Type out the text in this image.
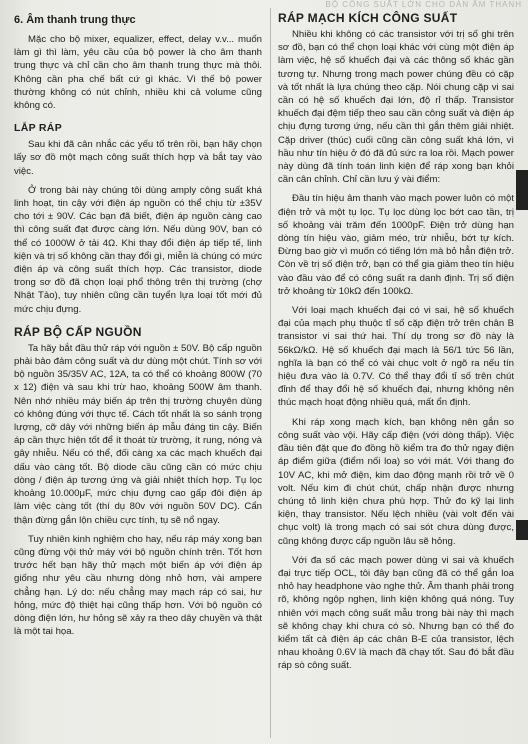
6. Âm thanh trung thực

Mặc cho bộ mixer, equalizer, effect, delay v.v... muốn làm gì thì làm, yêu cầu của bộ power là cho âm thanh trung thực và chỉ cần cho âm thanh trung thực mà thôi. Không cần pha chế bất cứ gì khác. Vì thế bộ power thường không có nút chỉnh, nhiều khi cả volume cũng không có.

LẮP RÁP

Sau khi đã cân nhắc các yếu tố trên rồi, bạn hãy chọn lấy sơ đồ một mạch công suất thích hợp và bắt tay vào việc.

Ở trong bài này chúng tôi dùng amply công suất khá linh hoạt, tin cậy với điện áp nguồn có thể chịu từ ±35V cho tới ± 90V. Các bạn đã biết, điện áp nguồn càng cao thì công suất đạt được càng lớn. Nếu dùng 90V, bạn có thể có 1000W ở tải 4Ω. Khi thay đổi điện áp tiếp tế, linh kiện và trị số không cần thay đổi gì, miễn là chúng có mức điện áp và công suất thích hợp. Các transistor, diode trong sơ đồ đã chọn loại phổ thông trên thị trường (chợ Nhật Tảo), tuy nhiên cũng cần tuyển lựa loại tốt mới đủ mức chịu đựng.

RÁP BỘ CẤP NGUỒN

Ta hãy bắt đầu thử ráp với nguồn ± 50V. Bộ cấp nguồn phải bảo đảm công suất và dư dùng một chút. Tính sơ với bộ nguồn 35/35V AC, 12A, ta có thể có khoảng 800W (70 x 12) điện và sau khi trừ hao, khoảng 500W âm thanh. Nên nhớ nhiều máy biến áp trên thị trường chuyên dùng có không đúng với thực tế. Cách tốt nhất là so sánh trọng lượng, cỡ dây với những biến áp mẫu đáng tin cậy. Biến áp cần thực hiện tốt để ít thoát từ trường, ít rung, nóng và gây nhiễu. Nếu có thể, đối càng xa các mạch khuếch đại dấu vào càng tốt. Bộ diode cầu cũng cần có mức chịu dòng / điện áp tương ứng và giải nhiệt thích hợp. Tụ lọc khoảng 10.000μF, mức chịu đựng cao gấp đôi điện áp làm việc càng tốt (thí dụ 80v với nguồn 50V DC). Cẩn thận đừng gắn lộn chiều cực tính, tụ sẽ nổ ngay.

Tuy nhiên kinh nghiệm cho hay, nếu ráp máy xong bạn cũng đừng vội thử máy với bộ nguồn chính trên. Tốt hơn trước hết bạn hãy thử mạch một biến áp với điện áp giống như yêu cầu nhưng dòng nhỏ hơn, vài ampere chẳng hạn. Lý do: nếu chẳng may mạch ráp có sai, hư hỏng, mức độ thiệt hại cũng thấp hơn. Với bộ nguồn có dòng điện lớn, hư hỏng sẽ xảy ra theo dây chuyền và thật là một tai họa.

BỘ CÔNG SUẤT LỚN CHO DÀN ÂM THANH
RÁP MẠCH KÍCH CÔNG SUẤT

Nhiều khi không có các transistor với trị số ghi trên sơ đồ, bạn có thể chọn loại khác với cùng một điện áp làm việc, hệ số khuếch đại và các thông số khác gần tương tự. Nhưng trong mạch power chúng đều có cặp và tốt nhất là lựa chúng theo cặp. Nói chung cặp vi sai cần có hệ số khuếch đại lớn, độ rỉ thấp. Transistor khuếch đại đệm tiếp theo sau cần công suất và điện áp chịu đựng tương ứng, nếu cần thì gắn thêm giải nhiệt. Cặp driver (thúc) cuối cũng cần công suất khá lớn, vì hầu như tín hiệu ở đó đã đủ sức ra loa rồi. Mạch power này dùng đã tính toán linh kiện để ráp xong bạn khỏi cần cân chỉnh. Chỉ cần lưu ý vài điểm:

Đầu tín hiệu âm thanh vào mạch power luôn có một điện trở và một tụ lọc. Tụ lọc dùng lọc bớt cao tần, trị số khoảng vài trăm đến 1000pF. Điện trở dùng hạn dòng tín hiệu vào, giảm méo, trừ nhiễu, bớt tự kích. Đừng bao giờ vì muốn có tiếng lớn mà bỏ hẳn điện trở. Còn về trị số điện trở, bạn có thể gia giảm theo tín hiệu vào đầu vào để có công suất ra danh định. Trị số điện trở khoảng từ 10kΩ đến 100kΩ.

Với loại mạch khuếch đại có vi sai, hệ số khuếch đại của mạch phụ thuộc tỉ số cặp điện trở trên chân B transistor vi sai thứ hai. Thí dụ trong sơ đồ này là 56kΩ/kΩ. Hệ số khuếch đại mạch là 56/1 tức 56 lần, nghĩa là bạn có thể có vài chục volt ở ngõ ra nếu tín hiệu đưa vào là 0.7V. Có thể thay đổi tỉ số trên chút đỉnh để thay đổi hệ số khuếch đại, nhưng không nên thúc mạch hoạt động nhiều quá, mất ổn định.

Khi ráp xong mạch kích, bạn không nên gắn so công suất vào vội. Hãy cấp điện (với dòng thấp). Việc đầu tiên đặt que đo đồng hồ kiểm tra đo thử ngay điện áp điểm giữa (điểm nối loa) so với mát. Với thang đo 10V AC, khi mở điện, kim dao động mạnh rồi trở về 0 volt. Nếu kim đi chút chút, chấp nhận được nhưng chúng tỏ linh kiện chưa phù hợp. Thử đo kỹ lại linh kiện, thay transistor. Nếu lệch nhiều (vài volt đến vài chục volt) là trong mạch có sai sót chưa dùng được, cũng không được cấp nguồn lâu sẽ hỏng.

Với đa số các mạch power dùng vi sai và khuếch đại trực tiếp OCL, tôi đây bạn cũng đã có thể gắn loa nhỏ hay headphone vào nghe thử. Âm thanh phải trong rõ, không ngộp nghẹn, linh kiện không quá nóng. Tuy nhiên với mạch công suất mẫu trong bài này thì mạch sẽ không chạy khi chưa có sò. Nhưng bạn có thể đo kiểm tất cả điện áp các chân B-E của transistor, lệch nhau khoảng 0.6V là mạch đã chạy tốt. Sau đó bắt đầu ráp sò công suất.
